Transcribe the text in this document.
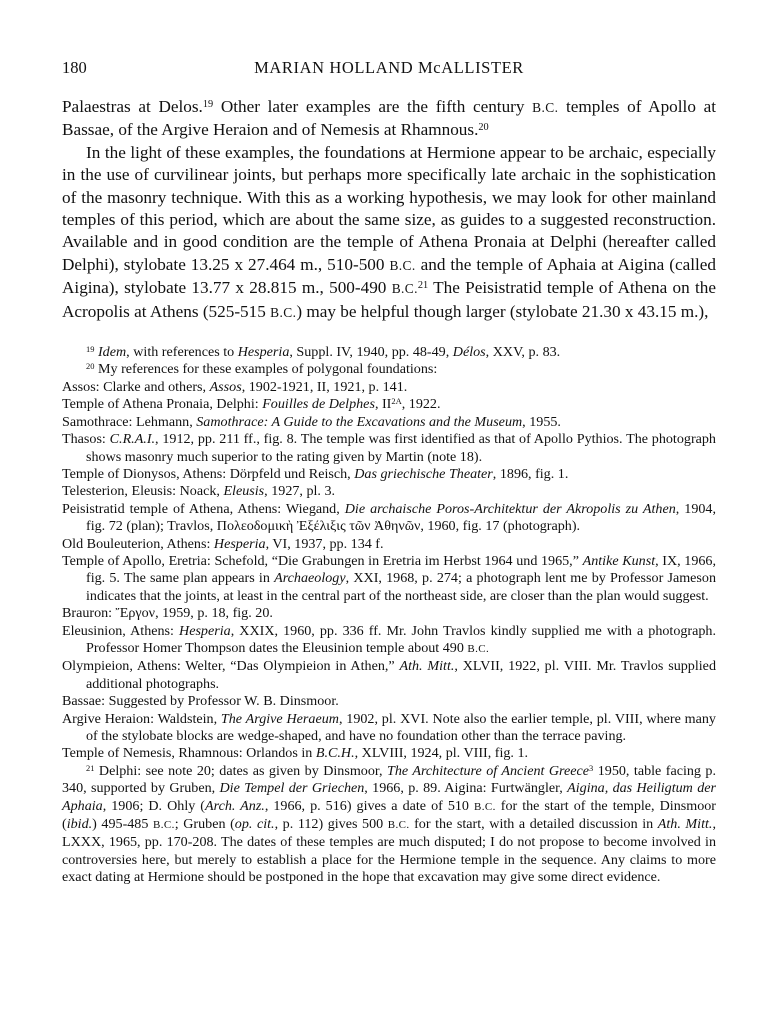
180	MARIAN HOLLAND McALLISTER

Palaestras at Delos.$^{19}$ Other later examples are the fifth century B.C. temples of Apollo at Bassae, of the Argive Heraion and of Nemesis at Rhamnous.$^{20}$

In the light of these examples, the foundations at Hermione appear to be archaic, especially in the use of curvilinear joints, but perhaps more specifically late archaic in the sophistication of the masonry technique. With this as a working hypothesis, we may look for other mainland temples of this period, which are about the same size, as guides to a suggested reconstruction. Available and in good condition are the temple of Athena Pronaia at Delphi (hereafter called Delphi), stylobate 13.25 x 27.464 m., 510-500 B.C. and the temple of Aphaia at Aigina (called Aigina), stylobate 13.77 x 28.815 m., 500-490 B.C.$^{21}$ The Peisistratid temple of Athena on the Acropolis at Athens (525-515 B.C.) may be helpful though larger (stylobate 21.30 x 43.15 m.),

$^{19}$ Idem, with references to Hesperia, Suppl. IV, 1940, pp. 48-49, Délos, XXV, p. 83.

$^{20}$ My references for these examples of polygonal foundations:

Assos: Clarke and others, Assos, 1902-1921, II, 1921, p. 141.

Temple of Athena Pronaia, Delphi: Fouilles de Delphes, $II^{2A}$, 1922.

Samothrace: Lehmann, Samothrace: A Guide to the Excavations and the Museum, 1955.

Thasos: C.R.A.I., 1912, pp. 211 ff., fig. 8. The temple was first identified as that of Apollo Pythios. The photograph shows masonry much superior to the rating given by Martin (note 18).

Temple of Dionysos, Athens: Dörpfeld und Reisch, Das griechische Theater, 1896, fig. 1.

Telesterion, Eleusis: Noack, Eleusis, 1927, pl. 3.

Peisistratid temple of Athena, Athens: Wiegand, Die archaische Poros-Architektur der Akropolis zu Athen, 1904, fig. 72 (plan); Travlos, Πολεοδομικὴ Ἐξέλιξις τῶν Ἀθηνῶν, 1960, fig. 17 (photograph).

Old Bouleuterion, Athens: Hesperia, VI, 1937, pp. 134 f.

Temple of Apollo, Eretria: Schefold, “Die Grabungen in Eretria im Herbst 1964 und 1965,” Antike Kunst, IX, 1966, fig. 5. The same plan appears in Archaeology, XXI, 1968, p. 274; a photograph lent me by Professor Jameson indicates that the joints, at least in the central part of the northeast side, are closer than the plan would suggest.

Brauron: Ἔργον, 1959, p. 18, fig. 20.

Eleusinion, Athens: Hesperia, XXIX, 1960, pp. 336 ff. Mr. John Travlos kindly supplied me with a photograph. Professor Homer Thompson dates the Eleusinion temple about 490 B.C.

Olympieion, Athens: Welter, “Das Olympieion in Athen,” Ath. Mitt., XLVII, 1922, pl. VIII. Mr. Travlos supplied additional photographs.

Bassae: Suggested by Professor W. B. Dinsmoor.

Argive Heraion: Waldstein, The Argive Heraeum, 1902, pl. XVI. Note also the earlier temple, pl. VIII, where many of the stylobate blocks are wedge-shaped, and have no foundation other than the terrace paving.

Temple of Nemesis, Rhamnous: Orlandos in B.C.H., XLVIII, 1924, pl. VIII, fig. 1.

$^{21}$ Delphi: see note 20; dates as given by Dinsmoor, The Architecture of Ancient Greece$^3$ 1950, table facing p. 340, supported by Gruben, Die Tempel der Griechen, 1966, p. 89. Aigina: Furtwängler, Aigina, das Heiligtum der Aphaia, 1906; D. Ohly (Arch. Anz., 1966, p. 516) gives a date of 510 B.C. for the start of the temple, Dinsmoor (ibid.) 495-485 B.C.; Gruben (op. cit., p. 112) gives 500 B.C. for the start, with a detailed discussion in Ath. Mitt., LXXX, 1965, pp. 170-208. The dates of these temples are much disputed; I do not propose to become involved in controversies here, but merely to establish a place for the Hermione temple in the sequence. Any claims to more exact dating at Hermione should be postponed in the hope that excavation may give some direct evidence.
